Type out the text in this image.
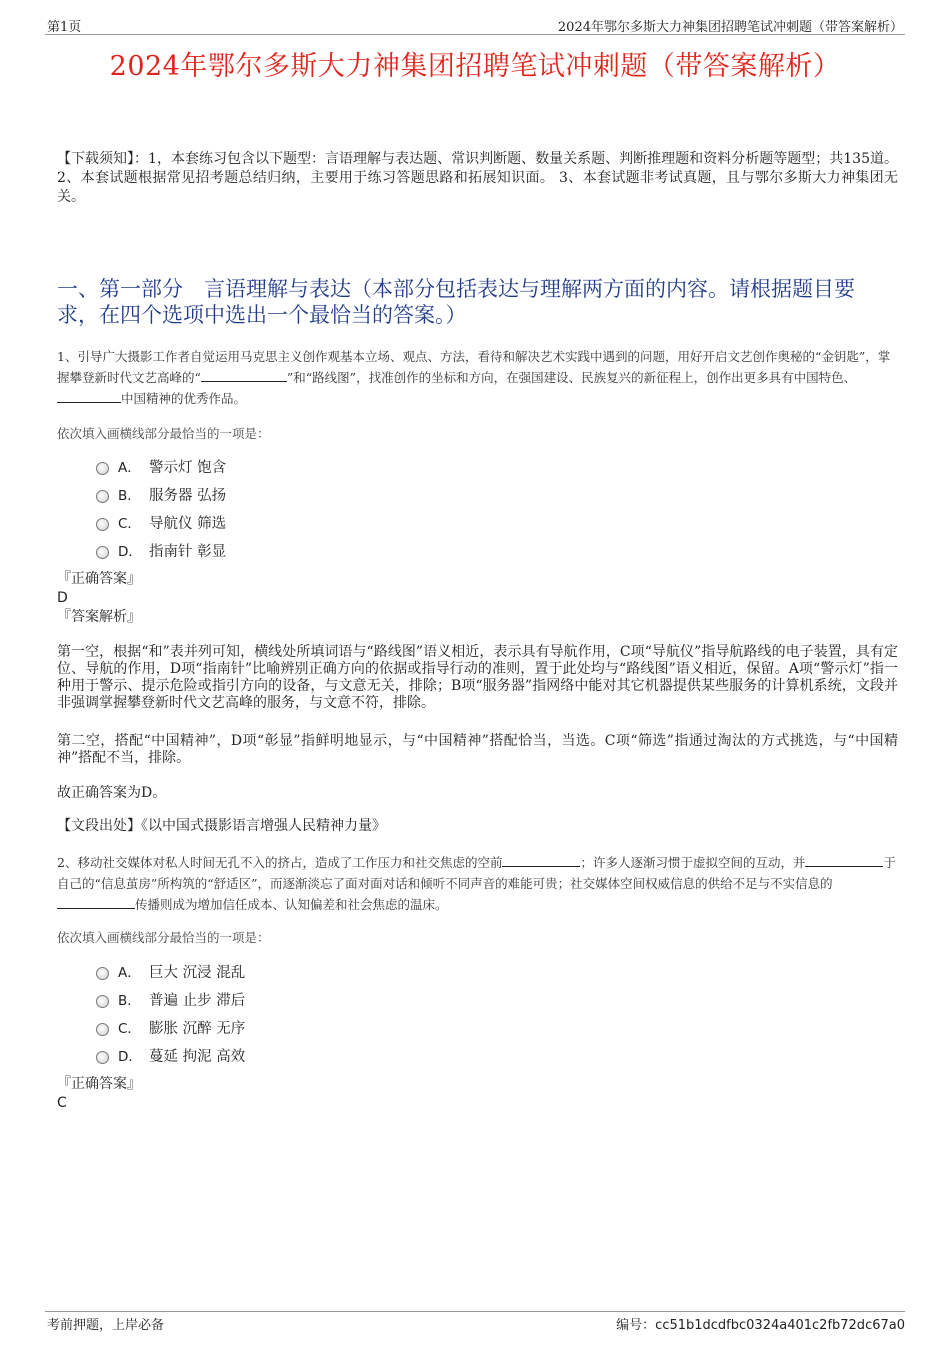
第1页	2024年鄂尔多斯大力神集团招聘笔试冲刺题（带答案解析）
2024年鄂尔多斯大力神集团招聘笔试冲刺题（带答案解析）
【下载须知】：1，本套练习包含以下题型：言语理解与表达题、常识判断题、数量关系题、判断推理题和资料分析题等题型；共135道。 2、本套试题根据常见招考题总结归纳，主要用于练习答题思路和拓展知识面。 3、本套试题非考试真题，且与鄂尔多斯大力神集团无关。
一、第一部分　言语理解与表达（本部分包括表达与理解两方面的内容。请根据题目要求，在四个选项中选出一个最恰当的答案。）
1、引导广大摄影工作者自觉运用马克思主义创作观基本立场、观点、方法，看待和解决艺术实践中遇到的问题，用好开启文艺创作奥秘的“金钥匙”，掌握攀登新时代文艺高峰的“	”和“路线图”，找准创作的坐标和方向，在强国建设、民族复兴的新征程上，创作出更多具有中国特色、中国精神的优秀作品。
依次填入画横线部分最恰当的一项是：
A． 警示灯 饱含
B． 服务器 弘扬
C． 导航仪 筛选
D． 指南针 彰显
『正确答案』
D
『答案解析』
第一空，根据“和”表并列可知，横线处所填词语与“路线图”语义相近，表示具有导航作用，C项“导航仪”指导航路线的电子装置，具有定位、导航的作用，D项“指南针”比喻辨别正确方向的依据或指导行动的准则，置于此处均与“路线图”语义相近，保留。A项“警示灯”指一种用于警示、提示危险或指引方向的设备，与文意无关，排除；B项“服务器”指网络中能对其它机器提供某些服务的计算机系统，文段并非强调掌握攀登新时代文艺高峰的服务，与文意不符，排除。
第二空，搭配“中国精神”，D项“彰显”指鲜明地显示，与“中国精神”搭配恰当，当选。C项“筛选”指通过淘汰的方式挑选，与“中国精神”搭配不当，排除。
故正确答案为D。
【文段出处】《以中国式摄影语言增强人民精神力量》
2、移动社交媒体对私人时间无孔不入的挤占，造成了工作压力和社交焦虑的空前	；许多人逐渐习惯于虚拟空间的互动，并	于自己的“信息茧房”所构筑的“舒适区”，而逐渐淡忘了面对面对话和倾听不同声音的难能可贵；社交媒体空间权威信息的供给不足与不实信息的传播则成为增加信任成本、认知偏差和社会焦虑的温床。
依次填入画横线部分最恰当的一项是：
A． 巨大 沉浸 混乱
B． 普遍 止步 滞后
C． 膨胀 沉醉 无序
D． 蔓延 拘泥 高效
『正确答案』
C
考前押题，上岸必备	编号：cc51b1dcdfbc0324a401c2fb72dc67a0
